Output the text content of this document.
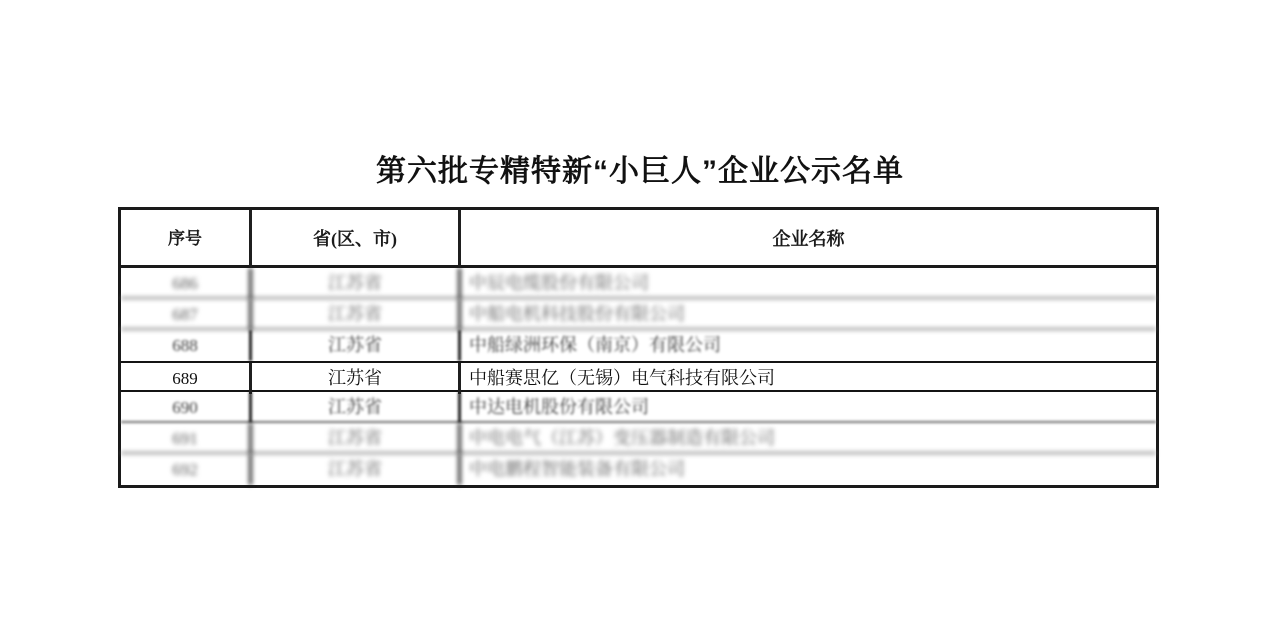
第六批专精特新“小巨人”企业公示名单
序号	省(区、市)	企业名称
686	江苏省	中辰电缆股份有限公司
687	江苏省	中船电机科技股份有限公司
688	江苏省	中船绿洲环保（南京）有限公司
689	江苏省	中船赛思亿（无锡）电气科技有限公司
690	江苏省	中达电机股份有限公司
691	江苏省	中电电气（江苏）变压器制造有限公司
692	江苏省	中电鹏程智能装备有限公司
